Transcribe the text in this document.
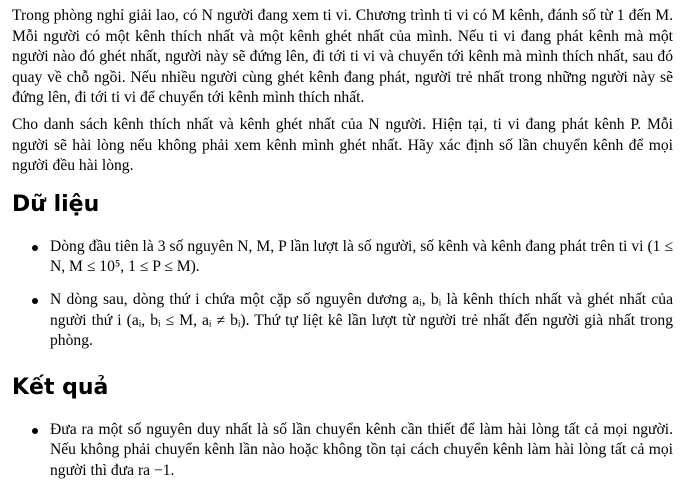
Trong phòng nghỉ giải lao, có N người đang xem ti vi. Chương trình ti vi có M kênh, đánh số từ 1 đến M. Mỗi người có một kênh thích nhất và một kênh ghét nhất của mình. Nếu ti vi đang phát kênh mà một người nào đó ghét nhất, người này sẽ đứng lên, đi tới ti vi và chuyển tới kênh mà mình thích nhất, sau đó quay về chỗ ngồi. Nếu nhiều người cùng ghét kênh đang phát, người trẻ nhất trong những người này sẽ đứng lên, đi tới ti vi để chuyển tới kênh mình thích nhất.

Cho danh sách kênh thích nhất và kênh ghét nhất của N người. Hiện tại, ti vi đang phát kênh P. Mỗi người sẽ hài lòng nếu không phải xem kênh mình ghét nhất. Hãy xác định số lần chuyển kênh để mọi người đều hài lòng.

Dữ liệu
Dòng đầu tiên là 3 số nguyên N, M, P lần lượt là số người, số kênh và kênh đang phát trên ti vi (1 ≤ N, M ≤ 10⁵, 1 ≤ P ≤ M).
N dòng sau, dòng thứ i chứa một cặp số nguyên dương aᵢ, bᵢ là kênh thích nhất và ghét nhất của người thứ i (aᵢ, bᵢ ≤ M, aᵢ ≠ bᵢ). Thứ tự liệt kê lần lượt từ người trẻ nhất đến người già nhất trong phòng.
Kết quả
Đưa ra một số nguyên duy nhất là số lần chuyển kênh cần thiết để làm hài lòng tất cả mọi người. Nếu không phải chuyển kênh lần nào hoặc không tồn tại cách chuyển kênh làm hài lòng tất cả mọi người thì đưa ra −1.
